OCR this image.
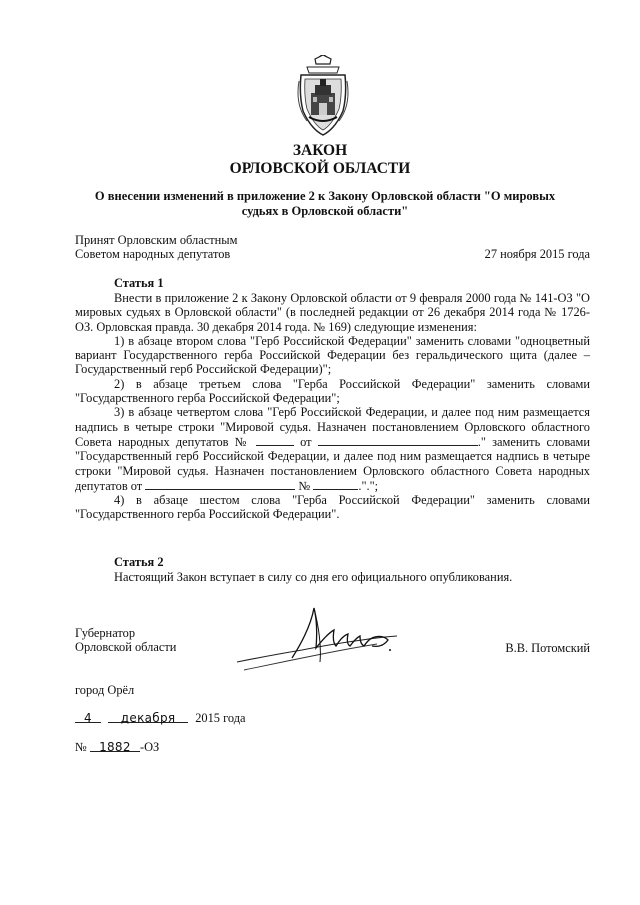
ЗАКОН
ОРЛОВСКОЙ ОБЛАСТИ
О внесении изменений в приложение 2 к Закону Орловской области "О мировых
судьях в Орловской области"
Принят Орловским областным
Советом народных депутатов	27 ноября 2015 года
Статья 1

Внести в приложение 2 к Закону Орловской области от 9 февраля 2000 года № 141-ОЗ "О мировых судьях в Орловской области" (в последней редакции от 26 декабря 2014 года № 1726-ОЗ. Орловская правда. 30 декабря 2014 года. № 169) следующие изменения:

1) в абзаце втором слова "Герб Российской Федерации" заменить словами "одноцветный вариант Государственного герба Российской Федерации без геральдического щита (далее – Государственный герб Российской Федерации)";

2) в абзаце третьем слова "Герба Российской Федерации" заменить словами "Государственного герба Российской Федерации";

3) в абзаце четвертом слова "Герб Российской Федерации, и далее под ним размещается надпись в четыре строки "Мировой судья. Назначен постановлением Орловского областного Совета народных депутатов №	от	." заменить словами "Государственный герб Российской Федерации, и далее под ним размещается надпись в четыре строки "Мировой судья. Назначен постановлением Орловского областного Совета народных депутатов от	№	.".";

4) в абзаце шестом слова "Герба Российской Федерации" заменить словами "Государственного герба Российской Федерации".

Статья 2
Настоящий Закон вступает в силу со дня его официального опубликования.
Губернатор
Орловской области	В.В. Потомский
город Орёл
4 декабря 2015 года
№ 1882 -ОЗ
